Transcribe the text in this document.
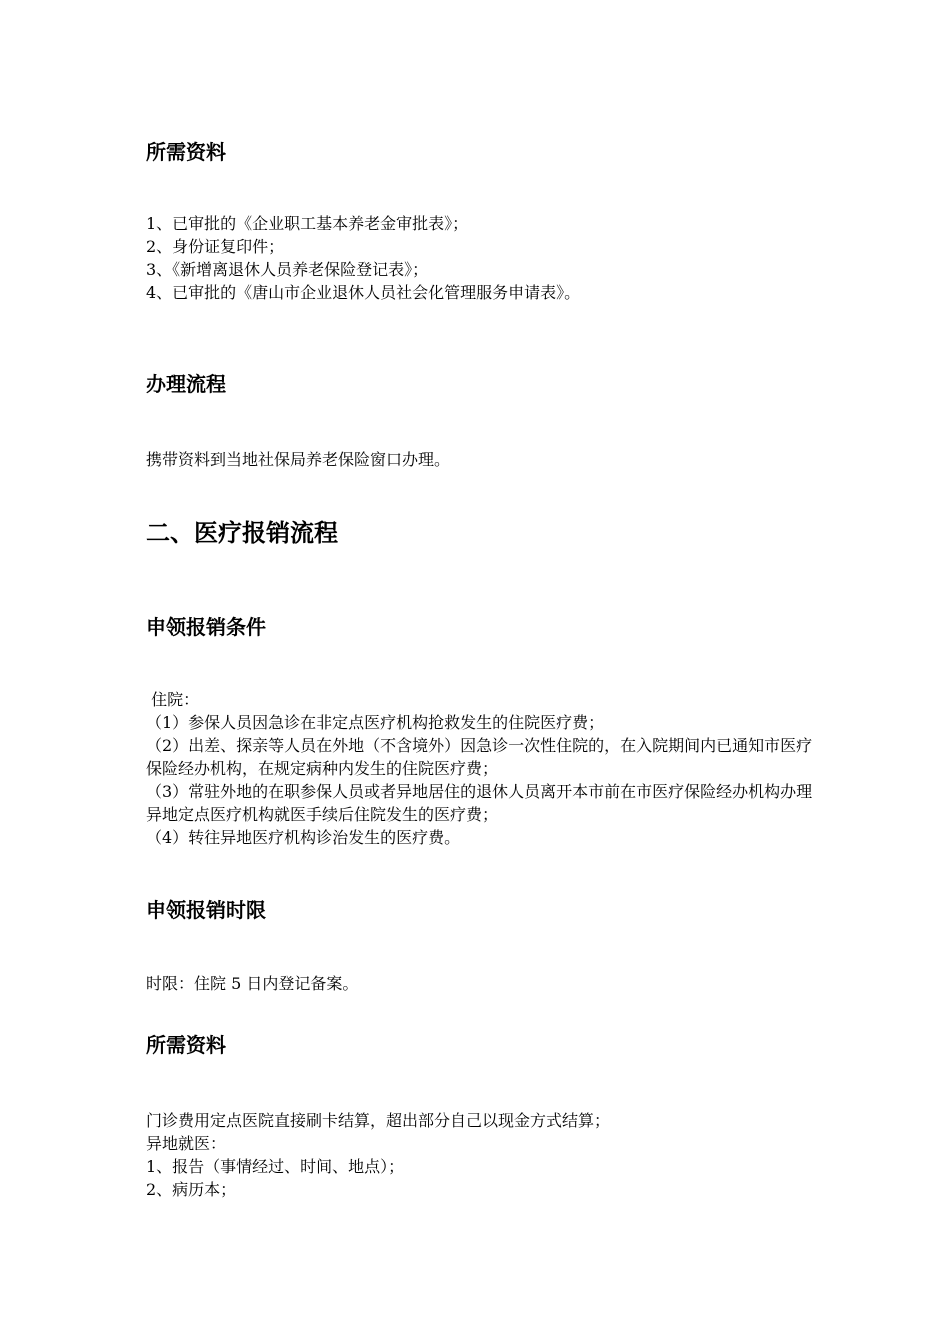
所需资料
1、已审批的《企业职工基本养老金审批表》；
2、身份证复印件；
3、《新增离退休人员养老保险登记表》；
4、已审批的《唐山市企业退休人员社会化管理服务申请表》。
办理流程
携带资料到当地社保局养老保险窗口办理。
二、医疗报销流程
申领报销条件
住院：
（1）参保人员因急诊在非定点医疗机构抢救发生的住院医疗费；
（2）出差、探亲等人员在外地（不含境外）因急诊一次性住院的，在入院期间内已通知市医疗保险经办机构，在规定病种内发生的住院医疗费；
（3）常驻外地的在职参保人员或者异地居住的退休人员离开本市前在市医疗保险经办机构办理异地定点医疗机构就医手续后住院发生的医疗费；
（4）转往异地医疗机构诊治发生的医疗费。
申领报销时限
时限：住院 5 日内登记备案。
所需资料
门诊费用定点医院直接刷卡结算，超出部分自己以现金方式结算；
异地就医：
1、报告（事情经过、时间、地点）；
2、病历本；
